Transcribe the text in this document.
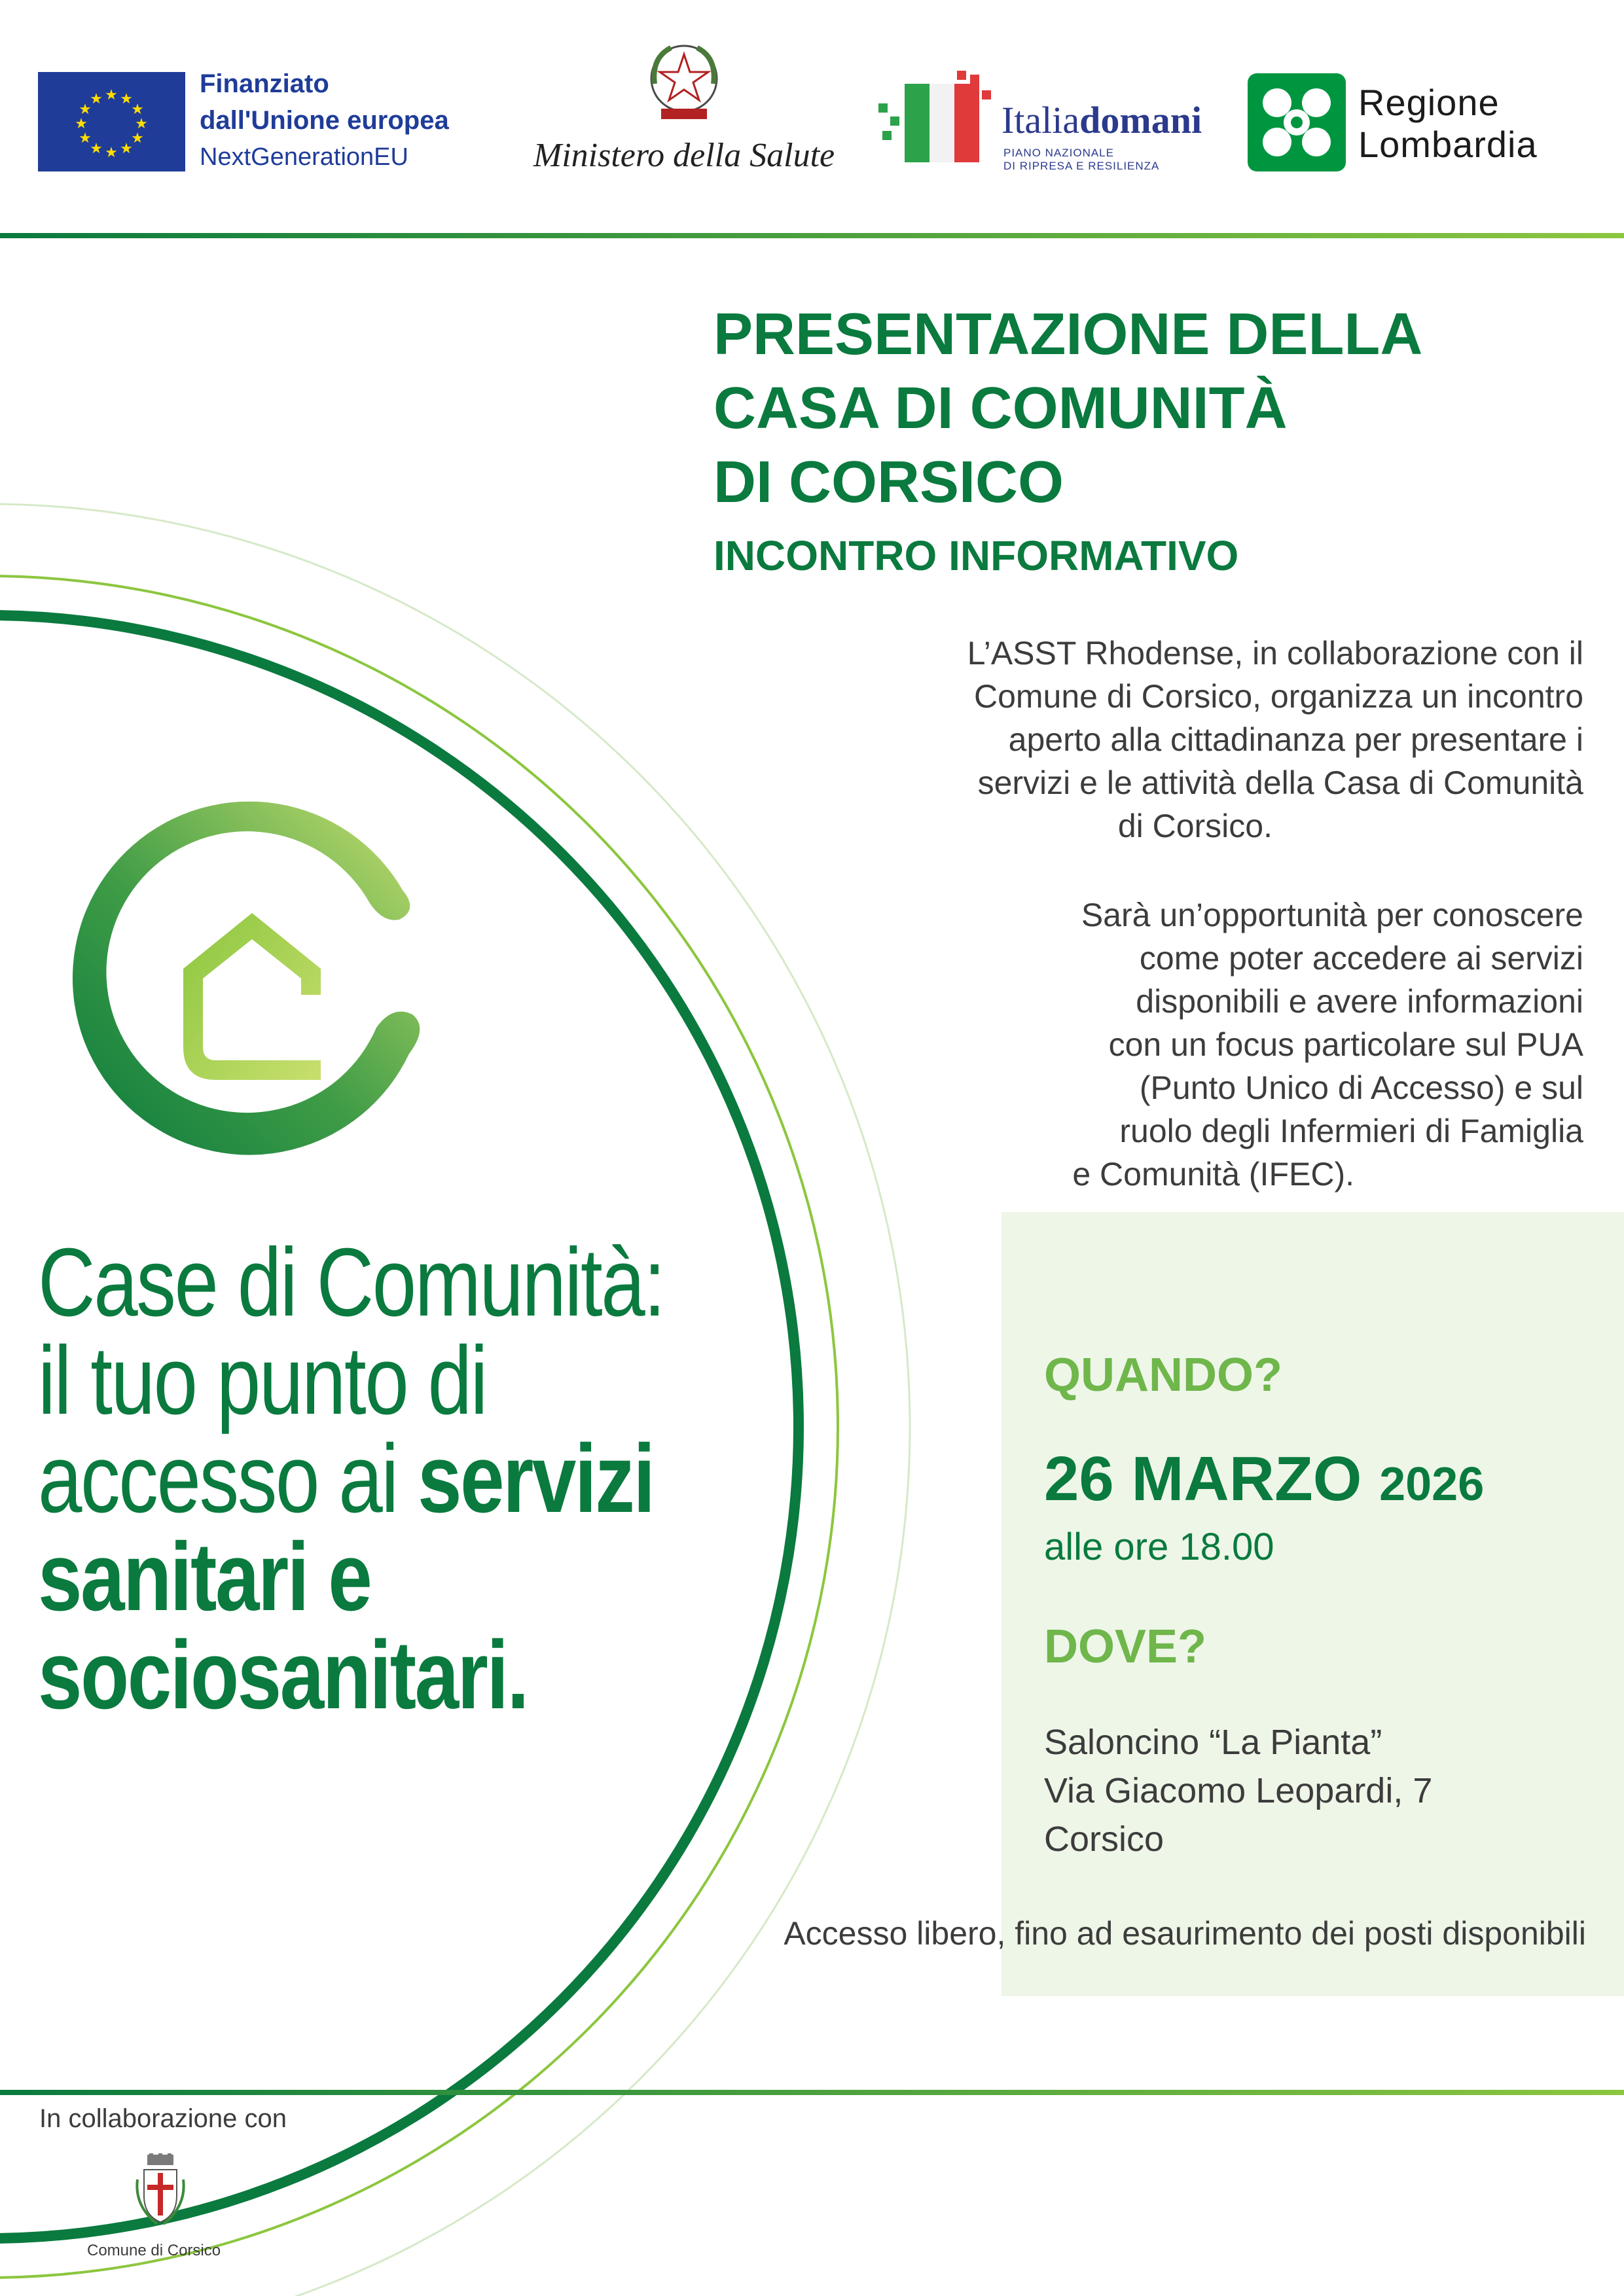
★ ★
★
★
★
★
★
★
★
★
★
★
Finanziato
dall'Unione europea
NextGenerationEU	Ministero della Salute
Italiadomani
PIANO NAZIONALE
DI RIPRESA E RESILIENZA
Regione
Lombardia
PRESENTAZIONE DELLA
CASA DI COMUNITÀ
DI CORSICO
INCONTRO INFORMATIVO
L’ASST Rhodense, in collaborazione con il
Comune di Corsico, organizza un incontro
aperto alla cittadinanza per presentare i
servizi e le attività della Casa di Comunità
di Corsico.
Sarà un’opportunità per conoscere
come poter accedere ai servizi
disponibili e avere informazioni
con un focus particolare sul PUA
(Punto Unico di Accesso) e sul
ruolo degli Infermieri di Famiglia
e Comunità (IFEC).
QUANDO?
26 MARZO 2026
alle ore 18.00
DOVE?
Saloncino “La Pianta”
Via Giacomo Leopardi, 7
Corsico
Accesso libero, fino ad esaurimento dei posti disponibili
Case di Comunità:
il tuo punto di
accesso ai servizi
sanitari e
sociosanitari.
In collaborazione con
Comune di Corsico
